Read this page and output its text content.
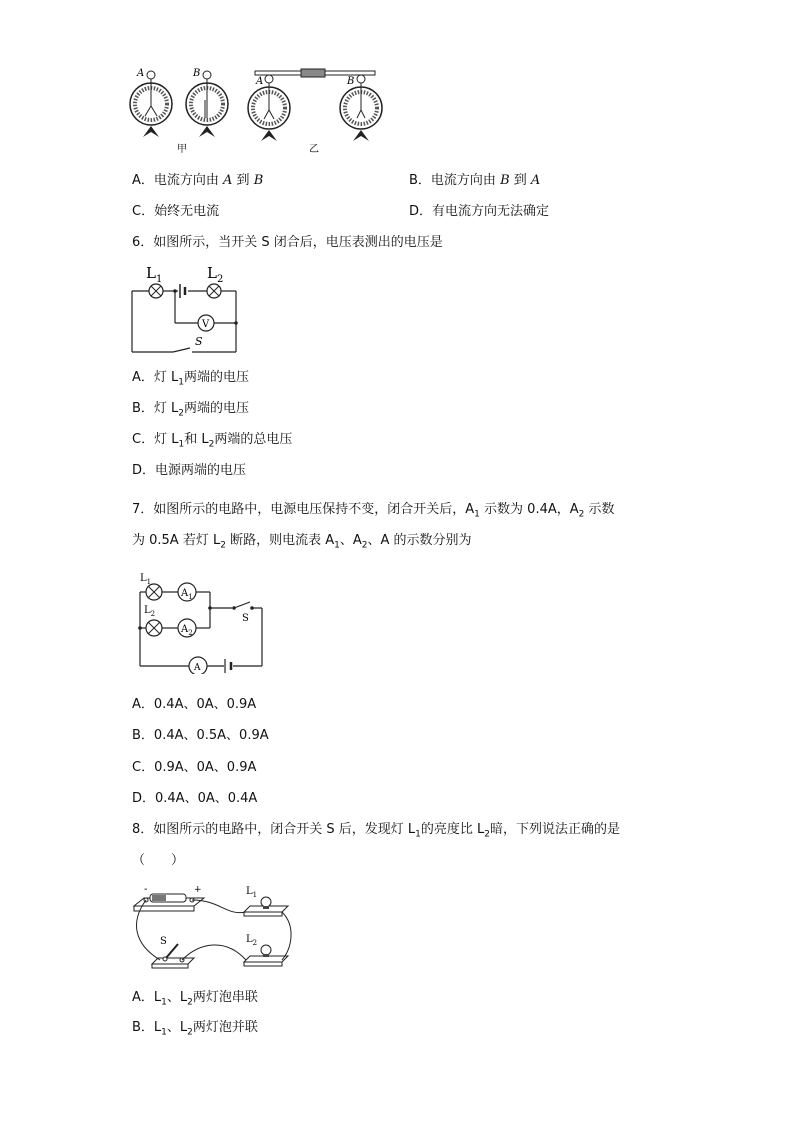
A	B
甲
A	B
乙
A．电流方向由 A 到 B	B．电流方向由 B 到 A
C．始终无电流	D．有电流方向无法确定
6．如图所示，当开关 S 闭合后，电压表测出的电压是
V
$L_1$	$L_2$
S
A．灯 $L_1$两端的电压
B．灯 $L_2$两端的电压
C．灯 $L_1$和 $L_2$两端的总电压
D．电源两端的电压
7．如图所示的电路中，电源电压保持不变，闭合开关后，$A_1$ 示数为 0.4A，$A_2$ 示数
为 0.5A 若灯 $L_2$ 断路，则电流表 $A_1$、$A_2$、A 的示数分别为
$A_1$
$A_2$
A
$L_1$
$L_2$	S
A．0.4A、0A、0.9A
B．0.4A、0.5A、0.9A
C．0.9A、0A、0.9A
D．0.4A、0A、0.4A
8．如图所示的电路中，闭合开关 S 后，发现灯 $L_1$的亮度比 $L_2$暗，下列说法正确的是
（　　）
-	+	$L_1$
$L_2$
S
A．$L_1$、$L_2$两灯泡串联
B．$L_1$、$L_2$两灯泡并联
